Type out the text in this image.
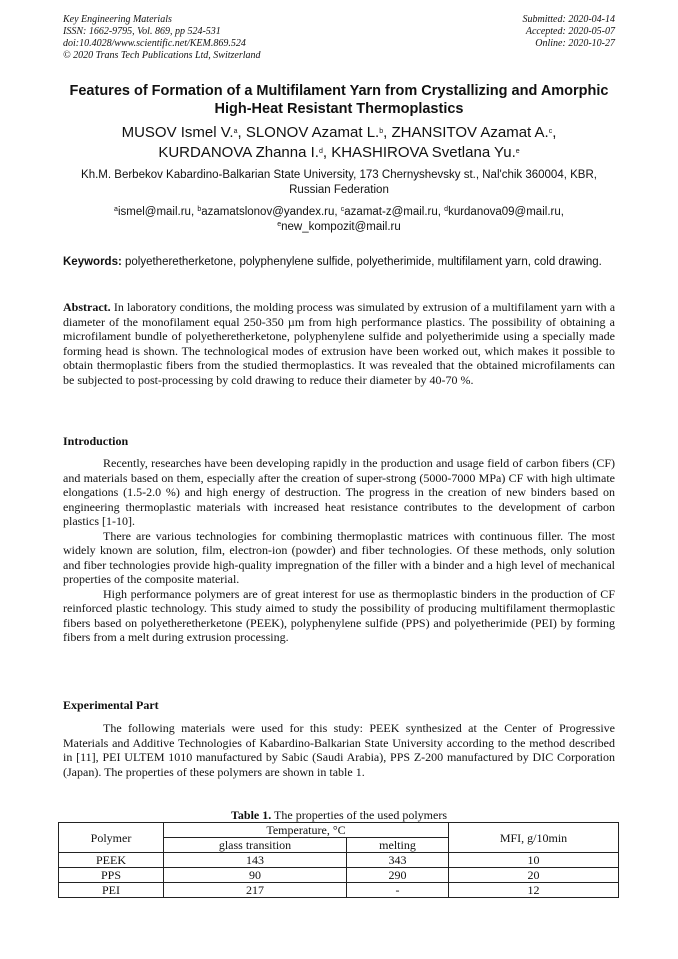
Key Engineering Materials
ISSN: 1662-9795, Vol. 869, pp 524-531
doi:10.4028/www.scientific.net/KEM.869.524
© 2020 Trans Tech Publications Ltd, Switzerland
Submitted: 2020-04-14
Accepted: 2020-05-07
Online: 2020-10-27
Features of Formation of a Multifilament Yarn from Crystallizing and Amorphic High-Heat Resistant Thermoplastics
MUSOV Ismel V.$^a$, SLONOV Azamat L.$^b$, ZHANSITOV Azamat A.$^c$,
KURDANOVA Zhanna I.$^d$, KHASHIROVA Svetlana Yu.$^e$
Kh.M. Berbekov Kabardino-Balkarian State University, 173 Chernyshevsky st., Nal'chik 360004, KBR, Russian Federation
$^a$ismel@mail.ru, $^b$azamatslonov@yandex.ru, $^c$azamat-z@mail.ru, $^d$kurdanova09@mail.ru,
$^e$new_kompozit@mail.ru
Keywords: polyetheretherketone, polyphenylene sulfide, polyetherimide, multifilament yarn, cold drawing.
Abstract. In laboratory conditions, the molding process was simulated by extrusion of a multifilament yarn with a diameter of the monofilament equal 250-350 µm from high performance plastics. The possibility of obtaining a microfilament bundle of polyetheretherketone, polyphenylene sulfide and polyetherimide using a specially made forming head is shown. The technological modes of extrusion have been worked out, which makes it possible to obtain thermoplastic fibers from the studied thermoplastics. It was revealed that the obtained microfilaments can be subjected to post-processing by cold drawing to reduce their diameter by 40-70 %.
Introduction

Recently, researches have been developing rapidly in the production and usage field of carbon fibers (CF) and materials based on them, especially after the creation of super-strong (5000-7000 MPa) CF with high ultimate elongations (1.5-2.0 %) and high energy of destruction. The progress in the creation of new binders based on engineering thermoplastic materials with increased heat resistance contributes to the development of carbon plastics [1-10].

There are various technologies for combining thermoplastic matrices with continuous filler. The most widely known are solution, film, electron-ion (powder) and fiber technologies. Of these methods, only solution and fiber technologies provide high-quality impregnation of the filler with a binder and a high level of mechanical properties of the composite material.

High performance polymers are of great interest for use as thermoplastic binders in the production of CF reinforced plastic technology. This study aimed to study the possibility of producing multifilament thermoplastic fibers based on polyetheretherketone (PEEK), polyphenylene sulfide (PPS) and polyetherimide (PEI) by forming fibers from a melt during extrusion processing.

Experimental Part

The following materials were used for this study: PEEK synthesized at the Center of Progressive Materials and Additive Technologies of Kabardino-Balkarian State University according to the method described in [11], PEI ULTEM 1010 manufactured by Sabic (Saudi Arabia), PPS Z-200 manufactured by DIC Corporation (Japan). The properties of these polymers are shown in table 1.

Table 1. The properties of the used polymers
Polymer	Temperature, °C		MFI, g/10min
	glass transition	melting	
PEEK	143	343	10
PPS	90	290	20
PEI	217	-	12
